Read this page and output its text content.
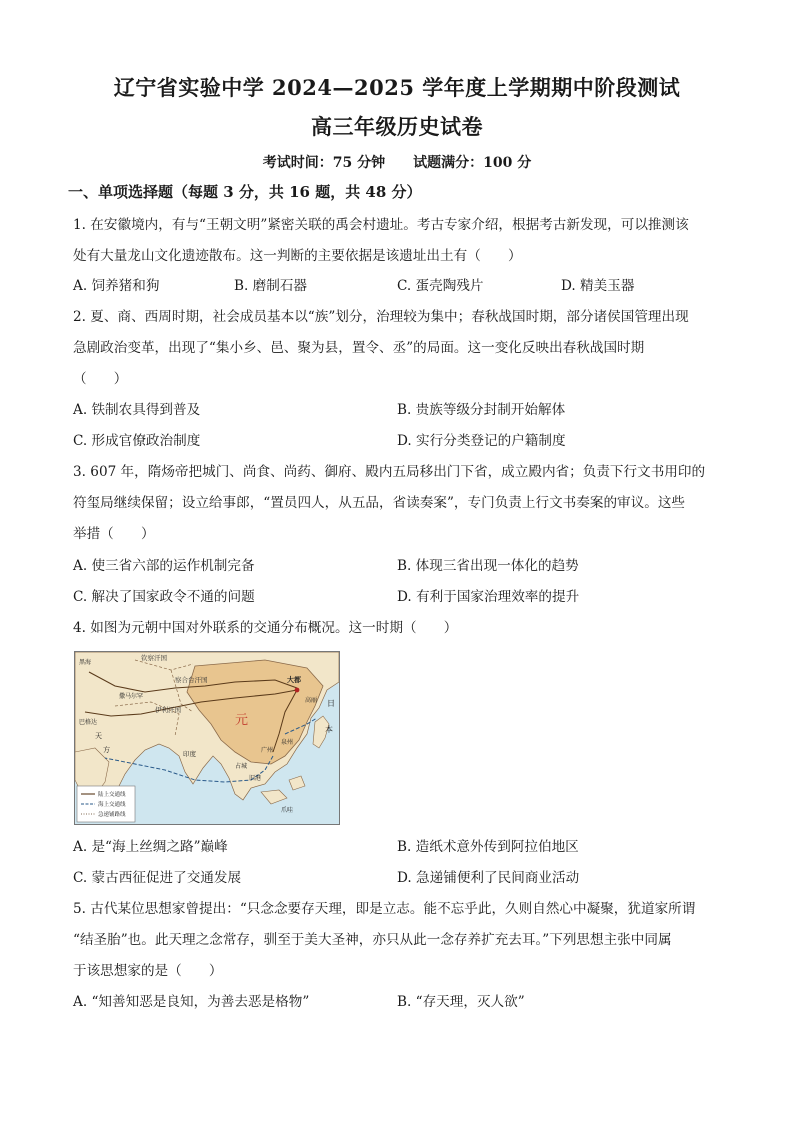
辽宁省实验中学 2024—2025 学年度上学期期中阶段测试
高三年级历史试卷
考试时间：75 分钟 试题满分：100 分
一、单项选择题（每题 3 分，共 16 题，共 48 分）
1. 在安徽境内，有与“王朝文明”紧密关联的禹会村遗址。考古专家介绍，根据考古新发现，可以推测该
处有大量龙山文化遗迹散布。这一判断的主要依据是该遗址出土有（　　）
A. 饲养猪和狗	B. 磨制石器	C. 蛋壳陶残片	D. 精美玉器
2. 夏、商、西周时期，社会成员基本以“族”划分，治理较为集中；春秋战国时期，部分诸侯国管理出现
急剧政治变革，出现了“集小乡、邑、聚为县，置令、丞”的局面。这一变化反映出春秋战国时期
（　　）
A. 铁制农具得到普及	B. 贵族等级分封制开始解体
C. 形成官僚政治制度	D. 实行分类登记的户籍制度
3. 607 年，隋炀帝把城门、尚食、尚药、御府、殿内五局移出门下省，成立殿内省；负责下行文书用印的
符玺局继续保留；设立给事郎，“置员四人，从五品，省读奏案”，专门负责上行文书奏案的审议。这些
举措（　　）
A. 使三省六部的运作机制完备	B. 体现三省出现一体化的趋势
C. 解决了国家政令不通的问题	D. 有利于国家治理效率的提升
4. 如图为元朝中国对外联系的交通分布概况。这一时期（　　）
钦察汗国
察合台汗国
伊利汗国
大都
元
日
本
天
方
旧港
泉州
广州
印度
撒马尔罕
占城
爪哇
高丽
巴格达
黑海
陆上交通线
海上交通线
急递铺路线
A. 是“海上丝绸之路”巅峰	B. 造纸术意外传到阿拉伯地区
C. 蒙古西征促进了交通发展	D. 急递铺便利了民间商业活动
5. 古代某位思想家曾提出：“只念念要存天理，即是立志。能不忘乎此，久则自然心中凝聚，犹道家所谓
“结圣胎”也。此天理之念常存，驯至于美大圣神，亦只从此一念存养扩充去耳。”下列思想主张中同属
于该思想家的是（　　）
A. “知善知恶是良知，为善去恶是格物”	B. “存天理，灭人欲”
